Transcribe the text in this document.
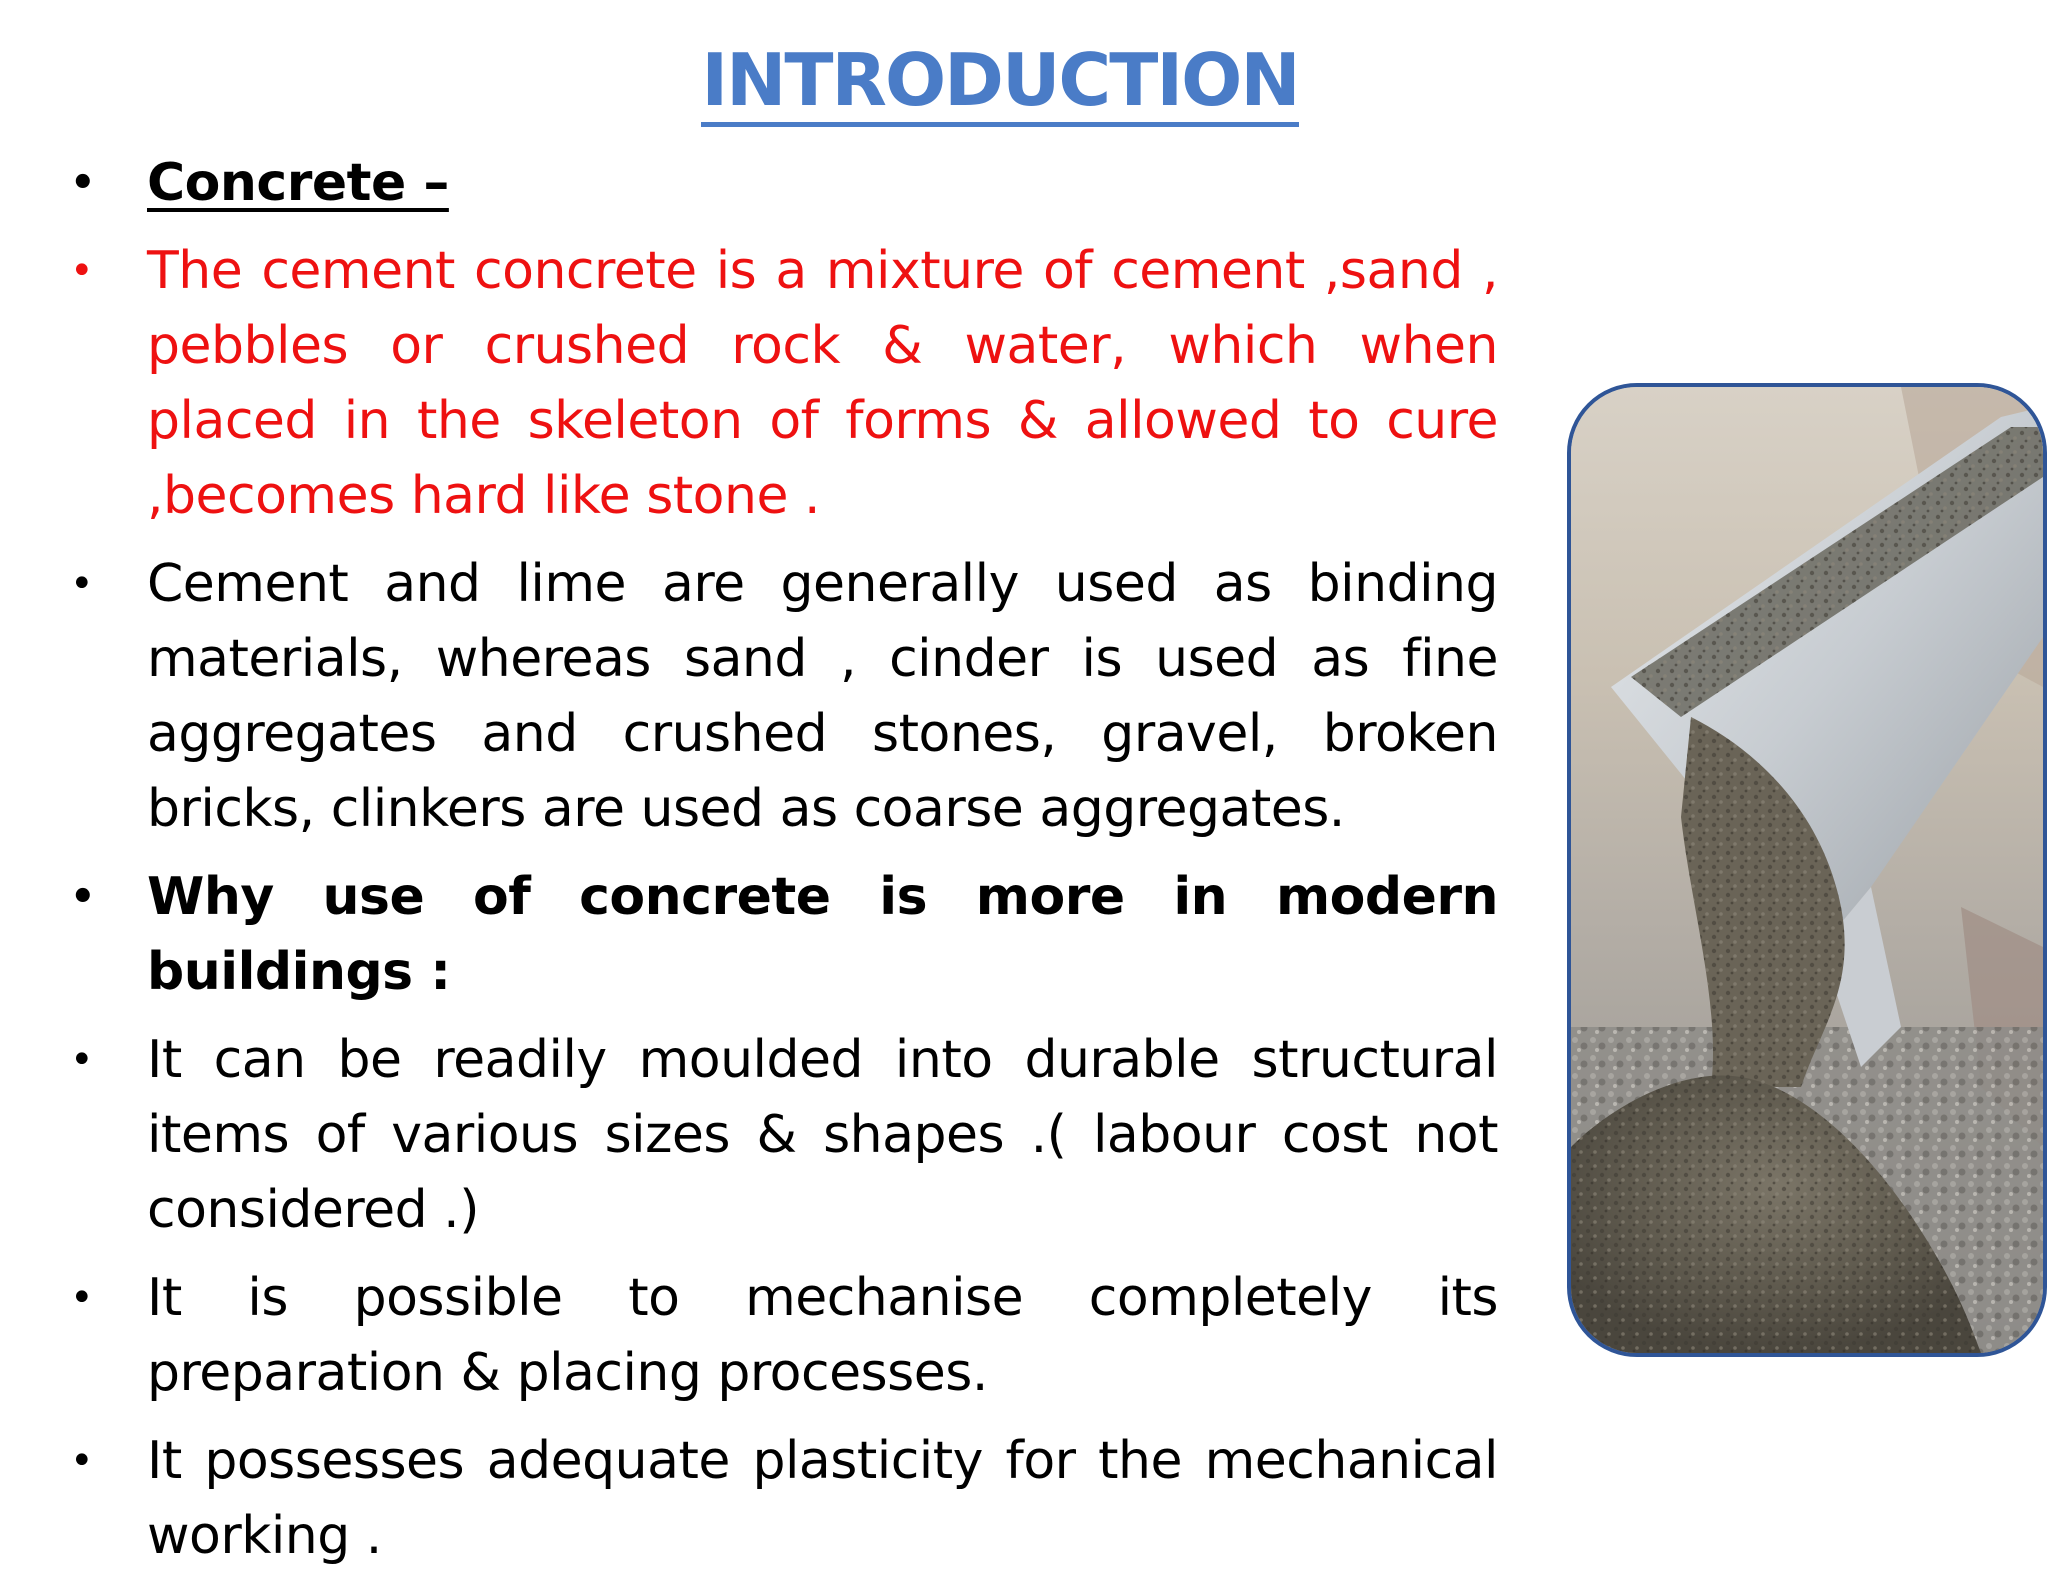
INTRODUCTION
• Concrete –
• The cement concrete is a mixture of cement ,sand , pebbles or crushed rock & water, which when placed in the skeleton of forms & allowed to cure ,becomes hard like stone .
• Cement and lime are generally used as binding materials, whereas sand , cinder is used as fine aggregates and crushed stones, gravel, broken bricks, clinkers are used as coarse aggregates.
• Why use of concrete is more in modern buildings :
• It can be readily moulded into durable structural items of various sizes & shapes .( labour cost not considered .)
• It is possible to mechanise completely its preparation & placing processes.
• It possesses adequate plasticity for the mechanical working .
